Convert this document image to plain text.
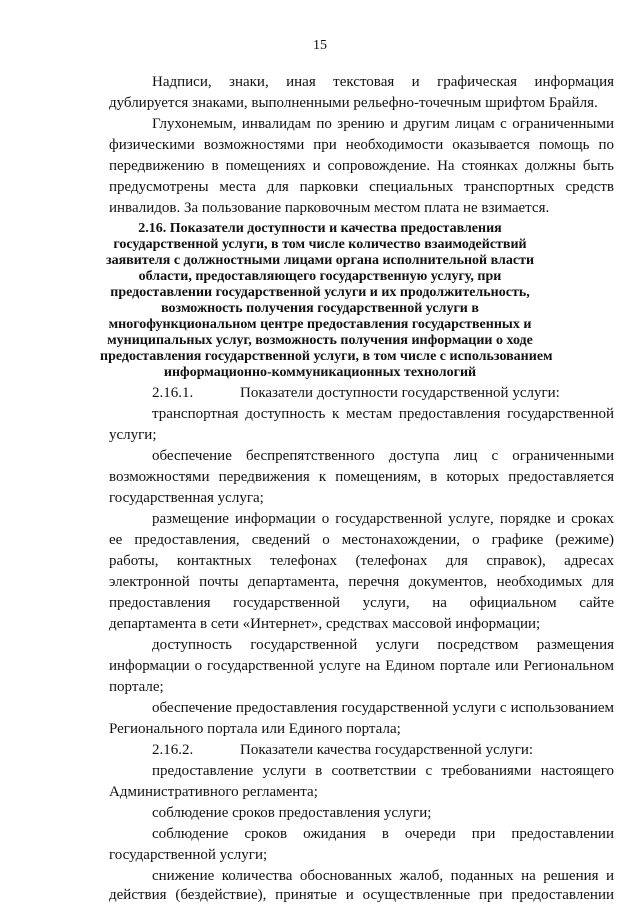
15
Надписи, знаки, иная текстовая и графическая информация
дублируется знаками, выполненными рельефно-точечным шрифтом Брайля.
Глухонемым, инвалидам по зрению и другим лицам с ограниченными
физическими возможностями при необходимости оказывается помощь по
передвижению в помещениях и сопровождение. На стоянках должны быть
предусмотрены места для парковки специальных транспортных средств
инвалидов. За пользование парковочным местом плата не взимается.
2.16. Показатели доступности и качества предоставления
государственной услуги, в том числе количество взаимодействий
заявителя с должностными лицами органа исполнительной власти
области, предоставляющего государственную услугу, при
предоставлении государственной услуги и их продолжительность,
возможность получения государственной услуги в
многофункциональном центре предоставления государственных и
муниципальных услуг, возможность получения информации о ходе
предоставления государственной услуги, в том числе с использованием
информационно-коммуникационных технологий
2.16.1.	Показатели доступности государственной услуги:
транспортная доступность к местам предоставления государственной
услуги;
обеспечение беспрепятственного доступа лиц с ограниченными
возможностями передвижения к помещениям, в которых предоставляется
государственная услуга;
размещение информации о государственной услуге, порядке и сроках
ее предоставления, сведений о местонахождении, о графике (режиме)
работы, контактных телефонах (телефонах для справок), адресах
электронной почты департамента, перечня документов, необходимых для
предоставления государственной услуги, на официальном сайте
департамента в сети «Интернет», средствах массовой информации;
доступность государственной услуги посредством размещения
информации о государственной услуге на Едином портале или Региональном
портале;
обеспечение предоставления государственной услуги с использованием
Регионального портала или Единого портала;
2.16.2.	Показатели качества государственной услуги:
предоставление услуги в соответствии с требованиями настоящего
Административного регламента;
соблюдение сроков предоставления услуги;
соблюдение сроков ожидания в очереди при предоставлении
государственной услуги;
снижение количества обоснованных жалоб, поданных на решения и
действия (бездействие), принятые и осуществленные при предоставлении
